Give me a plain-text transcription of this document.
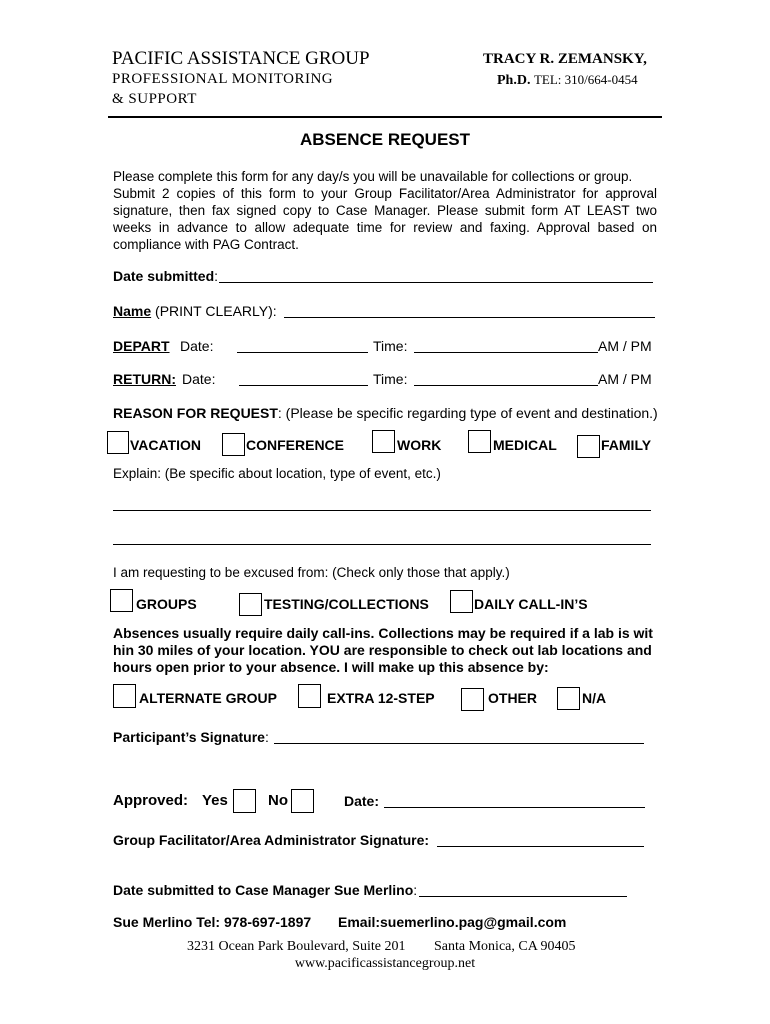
PACIFIC ASSISTANCE GROUP
PROFESSIONAL MONITORING
& SUPPORT
TRACY R. ZEMANSKY,
Ph.D. TEL: 310/664-0454
ABSENCE REQUEST
Please complete this form for any day/s you will be unavailable for collections or group.
Submit 2 copies of this form to your Group Facilitator/Area Administrator for approval
signature, then fax signed copy to Case Manager. Please submit form AT LEAST two
weeks in advance to allow adequate time for review and faxing. Approval based on
compliance with PAG Contract.
Date submitted:
Name (PRINT CLEARLY):
DEPART Date:	Time:	AM / PM
RETURN: Date:	Time:	AM / PM
REASON FOR REQUEST: (Please be specific regarding type of event and destination.)
VACATION	CONFERENCE	WORK	MEDICAL	FAMILY
Explain: (Be specific about location, type of event, etc.)
I am requesting to be excused from: (Check only those that apply.)
GROUPS	TESTING/COLLECTIONS	DAILY CALL-IN’S
Absences usually require daily call-ins. Collections may be required if a lab is wit
hin 30 miles of your location. YOU are responsible to check out lab locations and
hours open prior to your absence. I will make up this absence by:
ALTERNATE GROUP	EXTRA 12-STEP	OTHER	N/A
Participant’s Signature:
Approved: Yes	No	Date:
Group Facilitator/Area Administrator Signature:
Date submitted to Case Manager Sue Merlino:
Sue Merlino Tel: 978-697-1897 Email:suemerlino.pag@gmail.com
3231 Ocean Park Boulevard, Suite 201 Santa Monica, CA 90405
www.pacificassistancegroup.net
